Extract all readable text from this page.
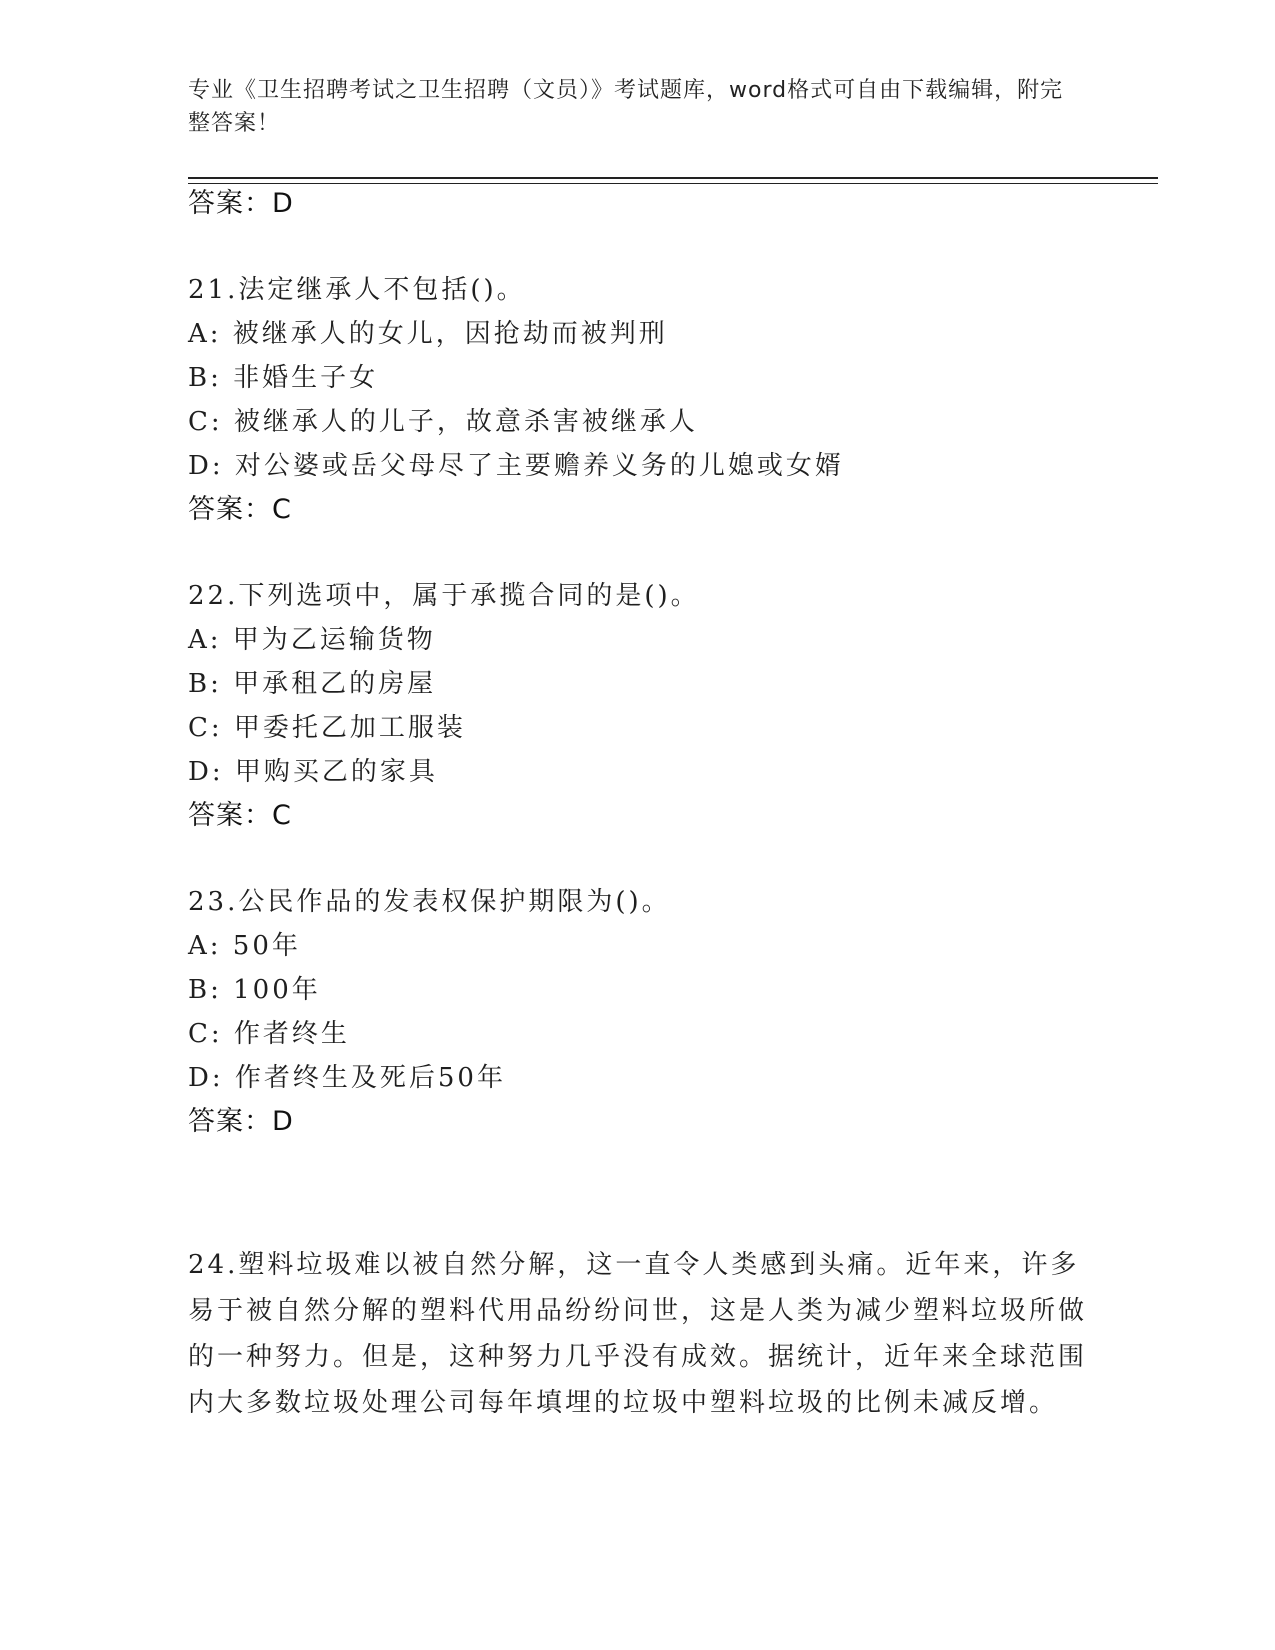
专业《卫生招聘考试之卫生招聘（文员）》考试题库，word格式可自由下载编辑，附完整答案！
答案：D
21.法定继承人不包括()。
A: 被继承人的女儿，因抢劫而被判刑
B: 非婚生子女
C: 被继承人的儿子，故意杀害被继承人
D: 对公婆或岳父母尽了主要赡养义务的儿媳或女婿
答案：C
22.下列选项中，属于承揽合同的是()。
A: 甲为乙运输货物
B: 甲承租乙的房屋
C: 甲委托乙加工服装
D: 甲购买乙的家具
答案：C
23.公民作品的发表权保护期限为()。
A: 50年
B: 100年
C: 作者终生
D: 作者终生及死后50年
答案：D
24.塑料垃圾难以被自然分解，这一直令人类感到头痛。近年来，许多易于被自然分解的塑料代用品纷纷问世，这是人类为减少塑料垃圾所做的一种努力。但是，这种努力几乎没有成效。据统计，近年来全球范围内大多数垃圾处理公司每年填埋的垃圾中塑料垃圾的比例未减反增。
